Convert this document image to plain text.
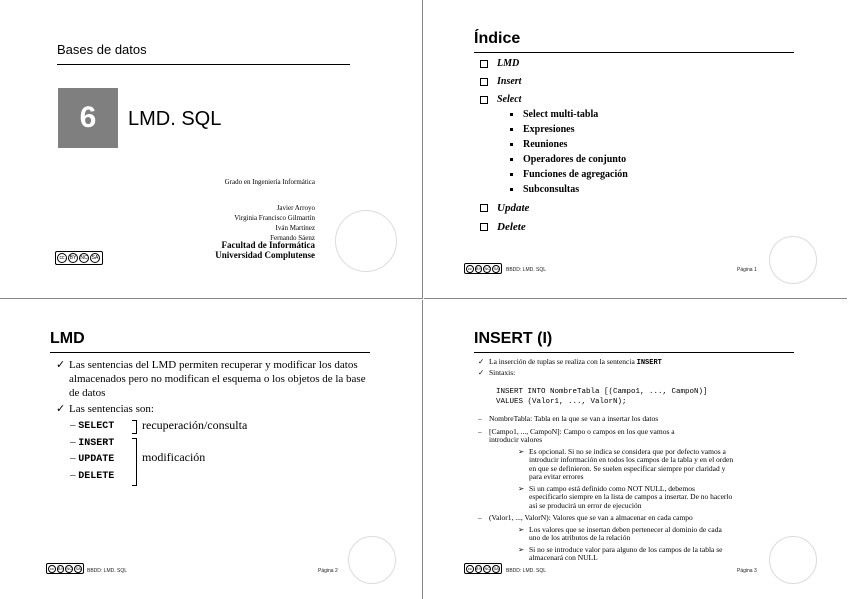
Bases de datos
6	LMD. SQL
Grado en Ingeniería Informática
Javier Arroyo
Virginia Francisco Gilmartín
Iván Martínez
Fernando Sáenz
Facultad de Informática
Universidad Complutense
cc	BY NC SA
Índice
LMD
Insert
Select
Select multi-tabla
Expresiones
Reuniones
Operadores de conjunto
Funciones de agregación
Subconsultas
Update
Delete
cc	BY NC SA BBDD: LMD. SQL	Página 1
LMD
✓ Las sentencias del LMD permiten recuperar y modificar los datos almacenados pero no modifican el esquema o los objetos de la base de datos
✓ Las sentencias son:
– SELECT
– INSERT
– UPDATE
– DELETE
recuperación/consulta
modificación
cc	BY NC SA BBDD: LMD. SQL	Página 2
INSERT (I)
✓ La inserción de tuplas se realiza con la sentencia INSERT
✓ Sintaxis:
INSERT INTO NombreTabla [(Campo1, ..., CampoN)]
VALUES (Valor1, ..., ValorN);
– NombreTabla: Tabla en la que se van a insertar los datos
– [Campo1, ..., CampoN]: Campo o campos en los que vamos a introducir valores
➢ Es opcional. Si no se indica se considera que por defecto vamos a introducir información en todos los campos de la tabla y en el orden en que se definieron. Se suelen especificar siempre por claridad y para evitar errores
➢ Si un campo está definido como NOT NULL, debemos especificarlo siempre en la lista de campos a insertar. De no hacerlo así se producirá un error de ejecución
– (Valor1, ..., ValorN): Valores que se van a almacenar en cada campo
➢ Los valores que se insertan deben pertenecer al dominio de cada uno de los atributos de la relación
➢ Si no se introduce valor para alguno de los campos de la tabla se almacenará con NULL
cc	BY NC SA BBDD: LMD. SQL	Página 3
